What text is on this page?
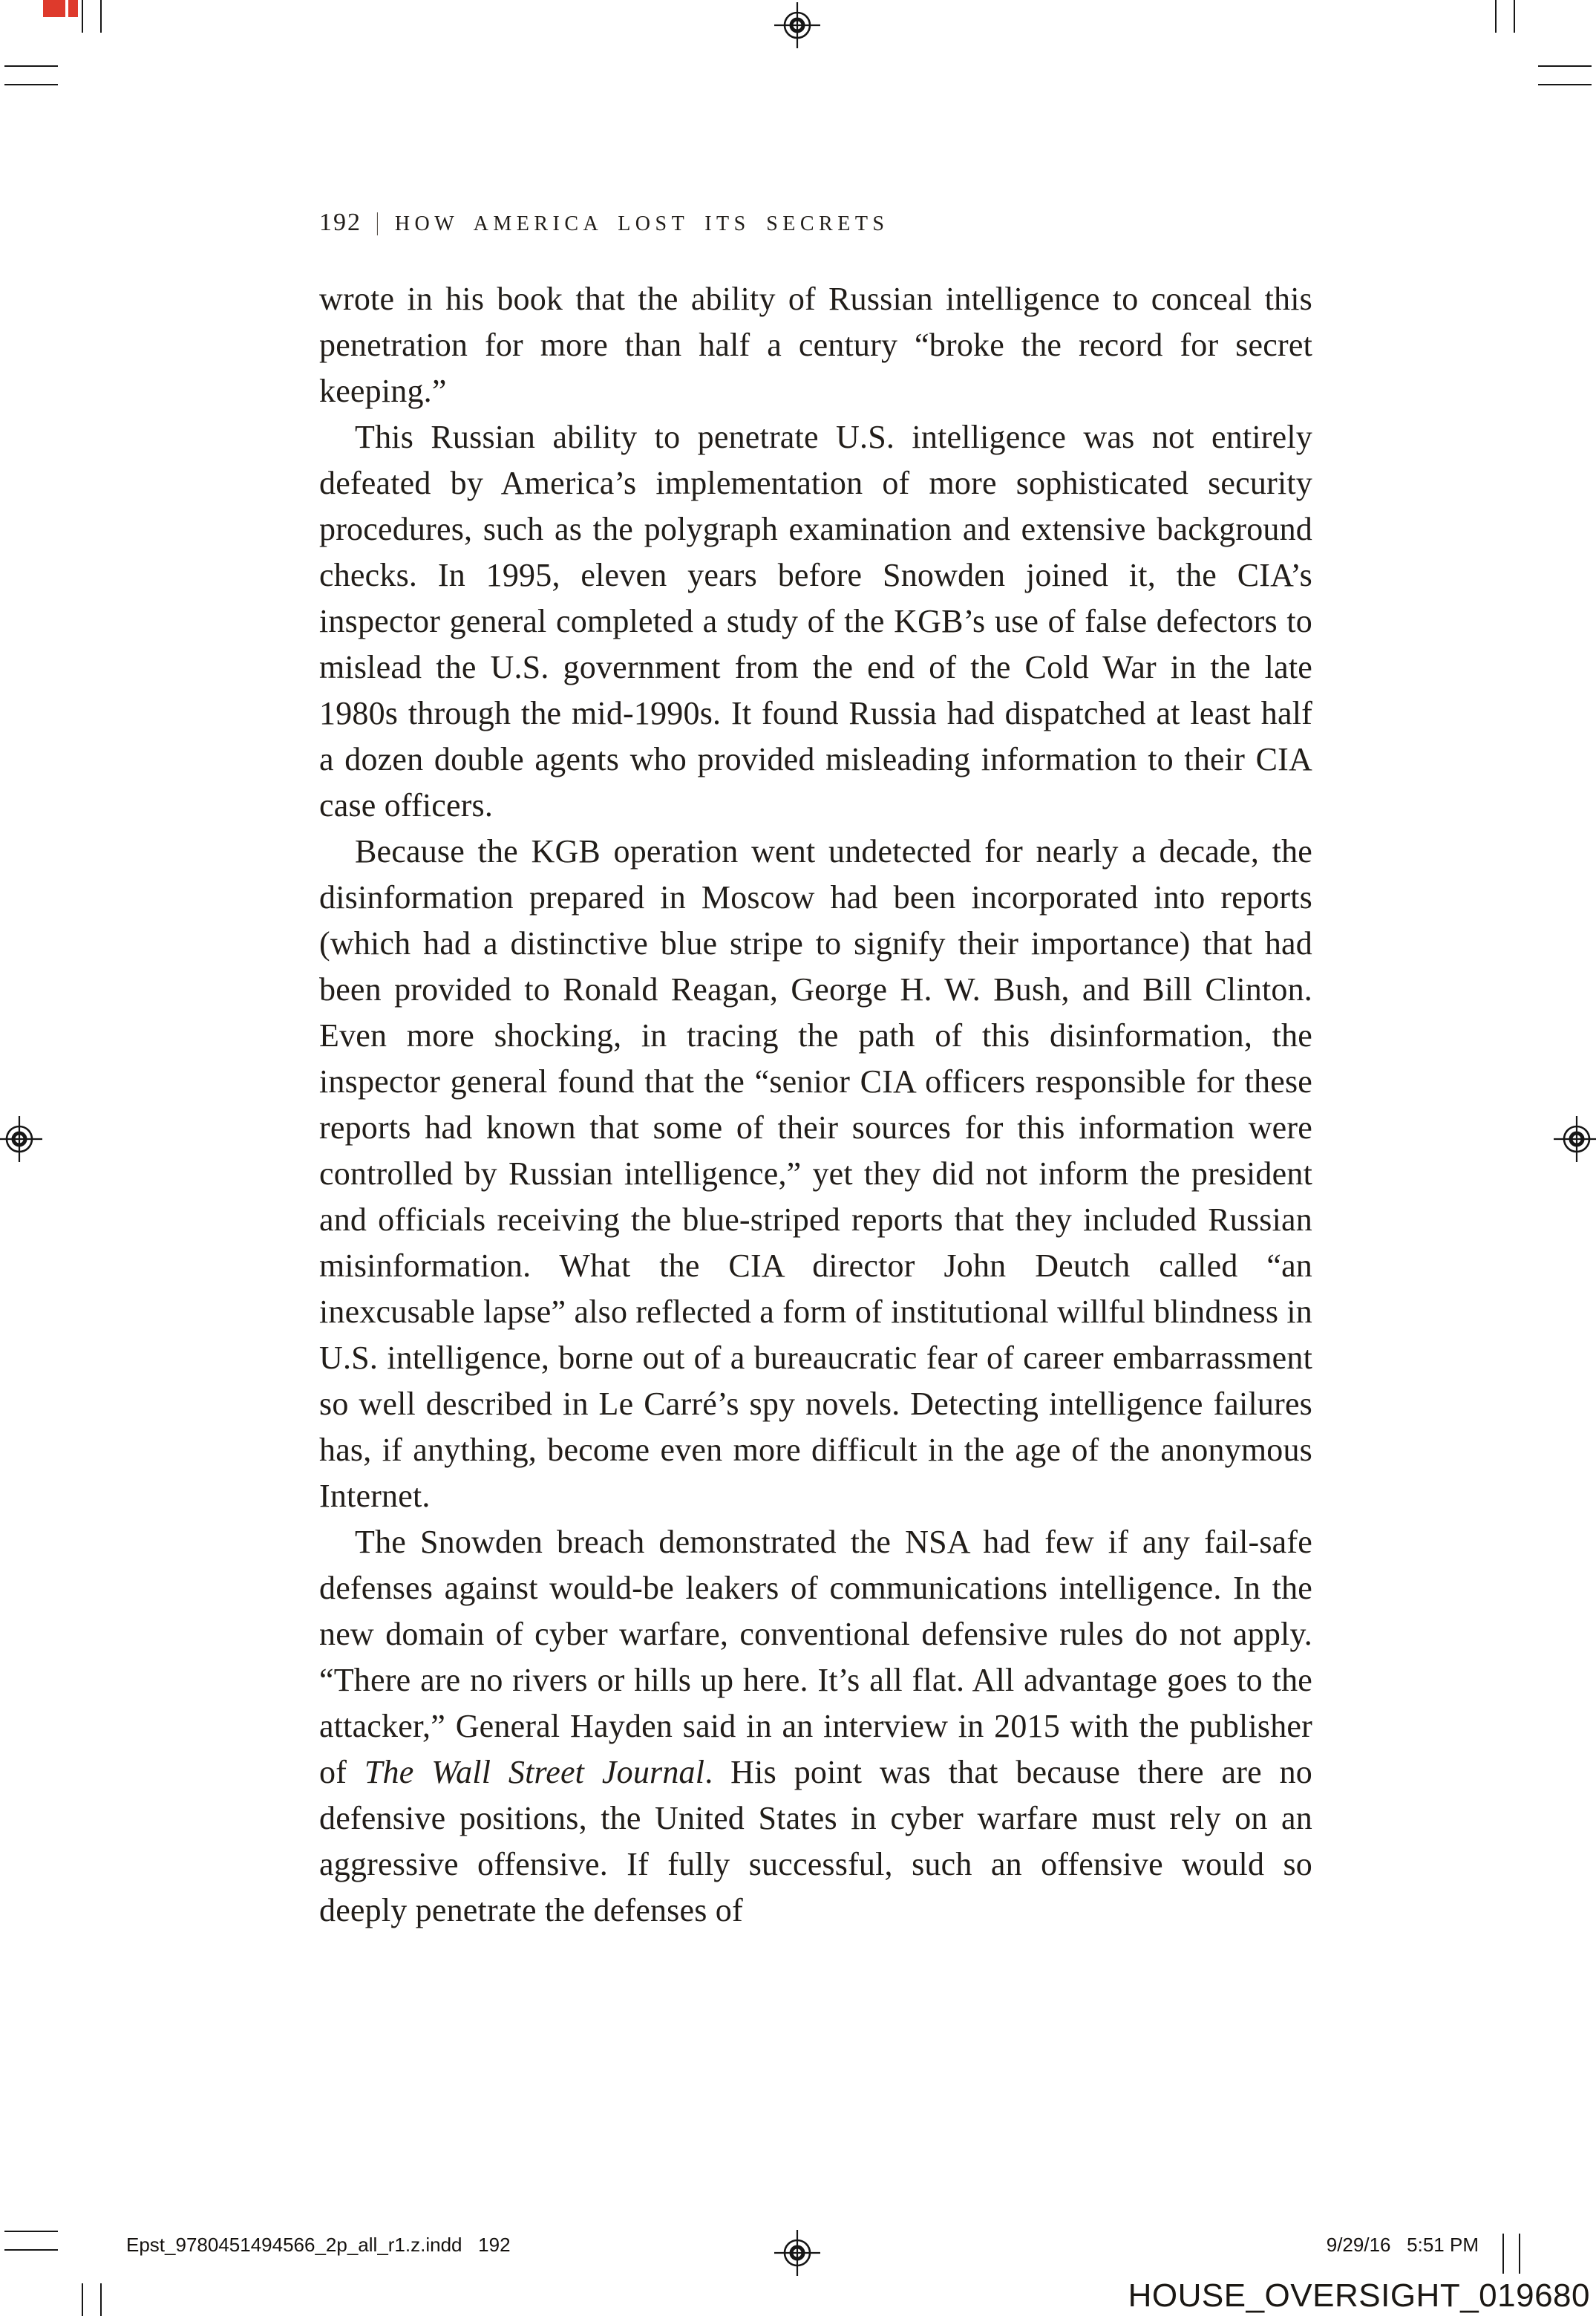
192 | HOW AMERICA LOST ITS SECRETS

wrote in his book that the ability of Russian intelligence to conceal this penetration for more than half a century “broke the record for secret keeping.”

This Russian ability to penetrate U.S. intelligence was not entirely defeated by America’s implementation of more sophisticated security procedures, such as the polygraph examination and extensive background checks. In 1995, eleven years before Snowden joined it, the CIA’s inspector general completed a study of the KGB’s use of false defectors to mislead the U.S. government from the end of the Cold War in the late 1980s through the mid-1990s. It found Russia had dispatched at least half a dozen double agents who provided misleading information to their CIA case officers.

Because the KGB operation went undetected for nearly a decade, the disinformation prepared in Moscow had been incorporated into reports (which had a distinctive blue stripe to signify their importance) that had been provided to Ronald Reagan, George H. W. Bush, and Bill Clinton. Even more shocking, in tracing the path of this disinformation, the inspector general found that the “senior CIA officers responsible for these reports had known that some of their sources for this information were controlled by Russian intelligence,” yet they did not inform the president and officials receiving the blue-striped reports that they included Russian misinformation. What the CIA director John Deutch called “an inexcusable lapse” also reflected a form of institutional willful blindness in U.S. intelligence, borne out of a bureaucratic fear of career embarrassment so well described in Le Carré’s spy novels. Detecting intelligence failures has, if anything, become even more difficult in the age of the anonymous Internet.

The Snowden breach demonstrated the NSA had few if any fail-safe defenses against would-be leakers of communications intelligence. In the new domain of cyber warfare, conventional defensive rules do not apply. “There are no rivers or hills up here. It’s all flat. All advantage goes to the attacker,” General Hayden said in an interview in 2015 with the publisher of The Wall Street Journal. His point was that because there are no defensive positions, the United States in cyber warfare must rely on an aggressive offensive. If fully successful, such an offensive would so deeply penetrate the defenses of

Epst_9780451494566_2p_all_r1.z.indd   192	9/29/16   5:51 PM
HOUSE_OVERSIGHT_019680
